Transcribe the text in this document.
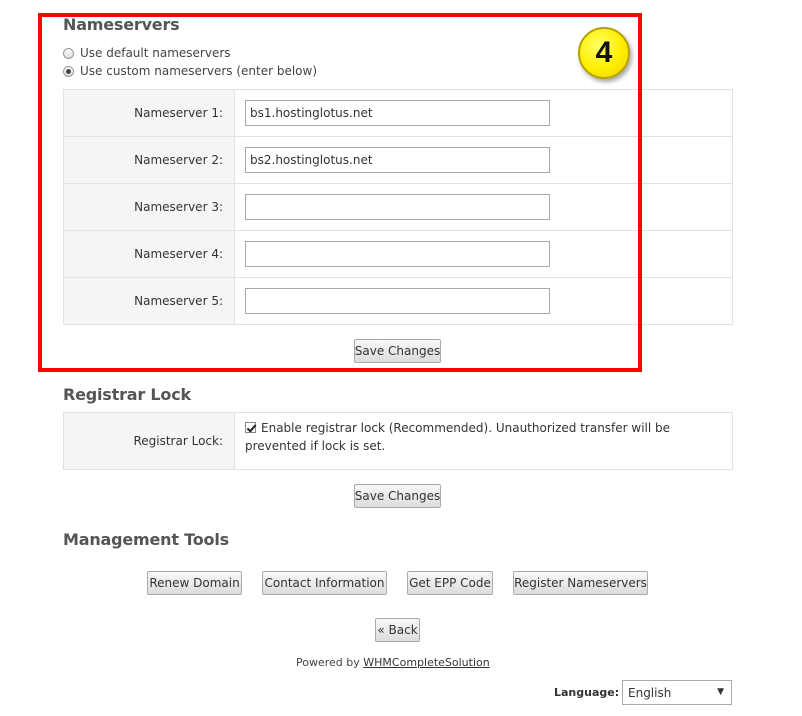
Nameservers
Use default nameservers
Use custom nameservers (enter below)
Nameserver 1:
bs1.hostinglotus.net
Nameserver 2:
bs2.hostinglotus.net
Nameserver 3:
Nameserver 4:
Nameserver 5:
Save Changes
4
Registrar Lock
Registrar Lock:
Enable registrar lock (Recommended). Unauthorized transfer will be prevented if lock is set.
Save Changes
Management Tools
Renew Domain Contact Information Get EPP Code Register Nameservers
« Back
Powered by WHMCompleteSolution
Language: English	▼
